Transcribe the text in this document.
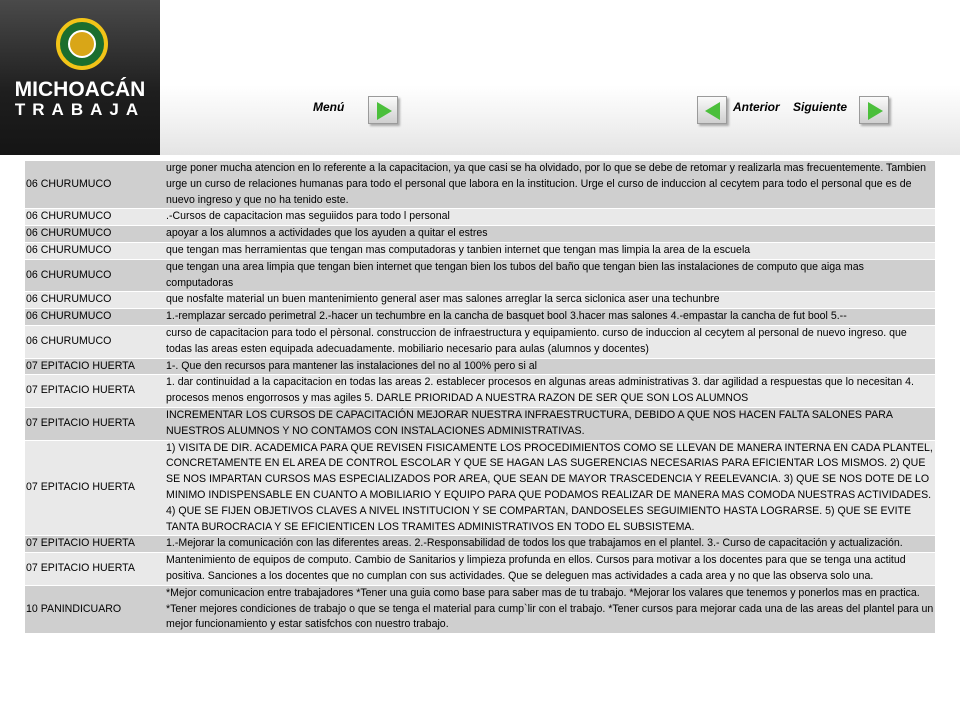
MICHOACÁN
TRABAJA	Menú	Anterior Siguiente
06 CHURUMUCO	urge poner mucha atencion en lo referente a la capacitacion, ya que casi se ha olvidado, por lo que se debe de retomar y realizarla mas frecuentemente. Tambien urge un curso de relaciones humanas para todo el personal que labora en la institucion. Urge el curso de induccion al cecytem para todo el personal que es de nuevo ingreso y que no ha tenido este.
06 CHURUMUCO	.-Cursos de capacitacion mas seguiidos para todo l personal
06 CHURUMUCO	apoyar a los alumnos a actividades que los ayuden a quitar el estres
06 CHURUMUCO	que tengan mas herramientas que tengan mas computadoras y tanbien internet que tengan mas limpia la area de la escuela
06 CHURUMUCO	que tengan una area limpia que tengan bien internet que tengan bien los tubos del baño que tengan bien las instalaciones de computo que aiga mas computadoras
06 CHURUMUCO	que nosfalte material un buen mantenimiento general aser mas salones arreglar la serca siclonica aser una techunbre
06 CHURUMUCO	1.-remplazar sercado perimetral 2.-hacer un techumbre en la cancha de basquet bool 3.hacer mas salones 4.-empastar la cancha de fut bool 5.--
06 CHURUMUCO	curso de capacitacion para todo el pèrsonal. construccion de infraestructura y equipamiento. curso de induccion al cecytem al personal de nuevo ingreso. que todas las areas esten equipada adecuadamente. mobiliario necesario para aulas (alumnos y docentes)
07 EPITACIO HUERTA	1-. Que den recursos para mantener las instalaciones del no al 100% pero si al
07 EPITACIO HUERTA	1. dar continuidad a la capacitacion en todas las areas 2. establecer procesos en algunas areas administrativas 3. dar agilidad a respuestas que lo necesitan 4. procesos menos engorrosos y mas agiles 5. DARLE PRIORIDAD A NUESTRA RAZON DE SER QUE SON LOS ALUMNOS
07 EPITACIO HUERTA	INCREMENTAR LOS CURSOS DE CAPACITACIÓN MEJORAR NUESTRA INFRAESTRUCTURA, DEBIDO A QUE NOS HACEN FALTA SALONES PARA NUESTROS ALUMNOS Y NO CONTAMOS CON INSTALACIONES ADMINISTRATIVAS.
07 EPITACIO HUERTA	1) VISITA DE DIR. ACADEMICA PARA QUE REVISEN FISICAMENTE LOS PROCEDIMIENTOS COMO SE LLEVAN DE MANERA INTERNA EN CADA PLANTEL, CONCRETAMENTE EN EL AREA DE CONTROL ESCOLAR Y QUE SE HAGAN LAS SUGERENCIAS NECESARIAS PARA EFICIENTAR LOS MISMOS. 2) QUE SE NOS IMPARTAN CURSOS MAS ESPECIALIZADOS POR AREA, QUE SEAN DE MAYOR TRASCEDENCIA Y REELEVANCIA. 3) QUE SE NOS DOTE DE LO MINIMO INDISPENSABLE EN CUANTO A MOBILIARIO Y EQUIPO PARA QUE PODAMOS REALIZAR DE MANERA MAS COMODA NUESTRAS ACTIVIDADES. 4) QUE SE FIJEN OBJETIVOS CLAVES A NIVEL INSTITUCION Y SE COMPARTAN, DANDOSELES SEGUIMIENTO HASTA LOGRARSE. 5) QUE SE EVITE TANTA BUROCRACIA Y SE EFICIENTICEN LOS TRAMITES ADMINISTRATIVOS EN TODO EL SUBSISTEMA.
07 EPITACIO HUERTA	1.-Mejorar la comunicación con las diferentes areas. 2.-Responsabilidad de todos los que trabajamos en el plantel. 3.- Curso de capacitación y actualización.
07 EPITACIO HUERTA	Mantenimiento de equipos de computo. Cambio de Sanitarios y limpieza profunda en ellos. Cursos para motivar a los docentes para que se tenga una actitud positiva. Sanciones a los docentes que no cumplan con sus actividades. Que se deleguen mas actividades a cada area y no que las observa solo una.
10 PANINDICUARO	*Mejor comunicacion entre trabajadores *Tener una guia como base para saber mas de tu trabajo. *Mejorar los valares que tenemos y ponerlos mas en practica. *Tener mejores condiciones de trabajo o que se tenga el material para cump`lir con el trabajo. *Tener cursos para mejorar cada una de las areas del plantel para un mejor funcionamiento y estar satisfchos con nuestro trabajo.
